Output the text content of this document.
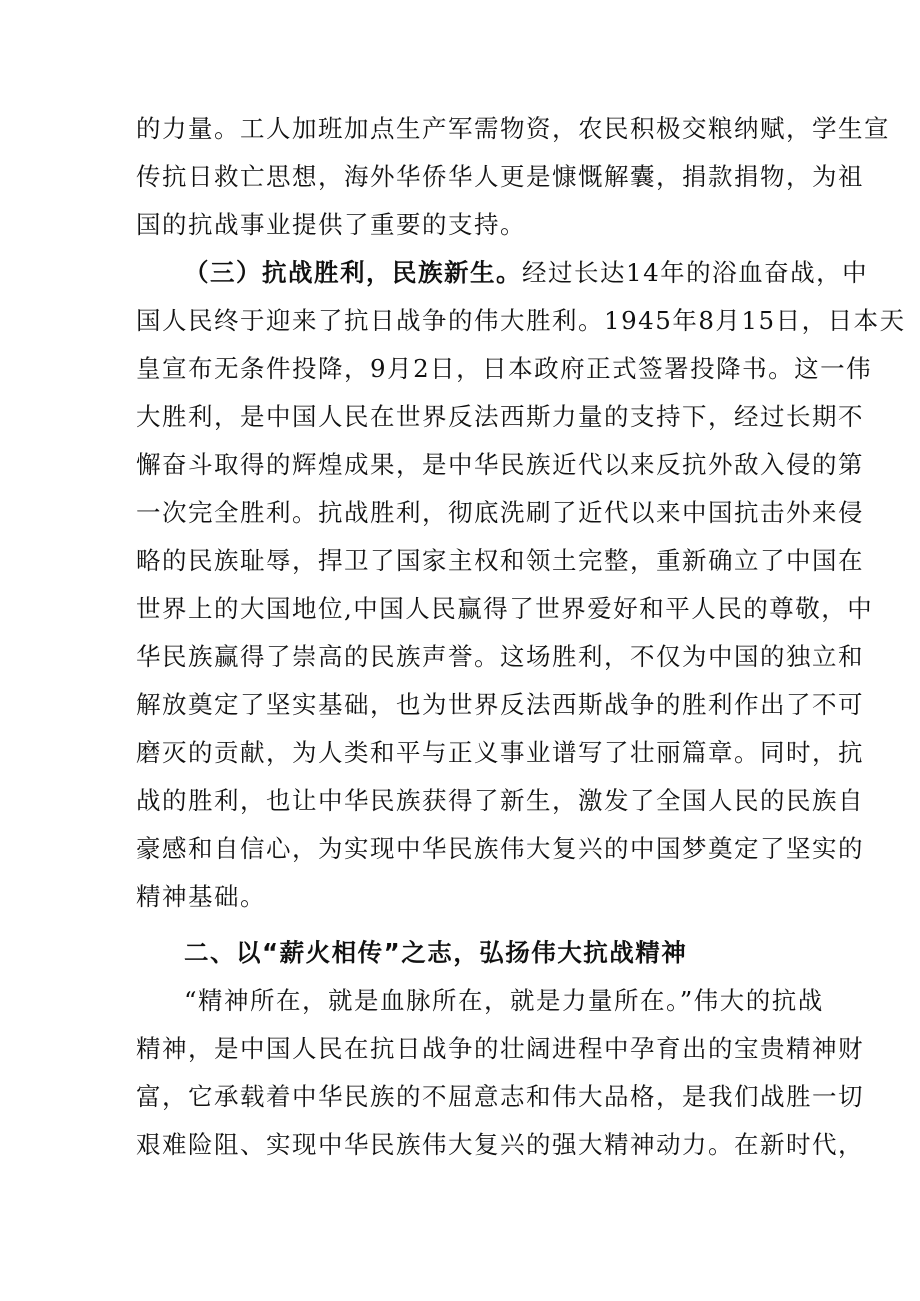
的力量。工人加班加点生产军需物资，农民积极交粮纳赋，学生宣
传抗日救亡思想，海外华侨华人更是慷慨解囊，捐款捐物，为祖
国的抗战事业提供了重要的支持。
（三）抗战胜利，民族新生。经过长达14年的浴血奋战，中
国人民终于迎来了抗日战争的伟大胜利。1945年8月15日，日本天
皇宣布无条件投降，9月2日，日本政府正式签署投降书。这一伟
大胜利，是中国人民在世界反法西斯力量的支持下，经过长期不
懈奋斗取得的辉煌成果，是中华民族近代以来反抗外敌入侵的第
一次完全胜利。抗战胜利，彻底洗刷了近代以来中国抗击外来侵
略的民族耻辱，捍卫了国家主权和领土完整，重新确立了中国在
世界上的大国地位,中国人民赢得了世界爱好和平人民的尊敬，中
华民族赢得了崇高的民族声誉。这场胜利，不仅为中国的独立和
解放奠定了坚实基础，也为世界反法西斯战争的胜利作出了不可
磨灭的贡献，为人类和平与正义事业谱写了壮丽篇章。同时，抗
战的胜利，也让中华民族获得了新生，激发了全国人民的民族自
豪感和自信心，为实现中华民族伟大复兴的中国梦奠定了坚实的
精神基础。
二、以“薪火相传”之志，弘扬伟大抗战精神
“精神所在，就是血脉所在，就是力量所在。”伟大的抗战
精神，是中国人民在抗日战争的壮阔进程中孕育出的宝贵精神财
富，它承载着中华民族的不屈意志和伟大品格，是我们战胜一切
艰难险阻、实现中华民族伟大复兴的强大精神动力。在新时代，
